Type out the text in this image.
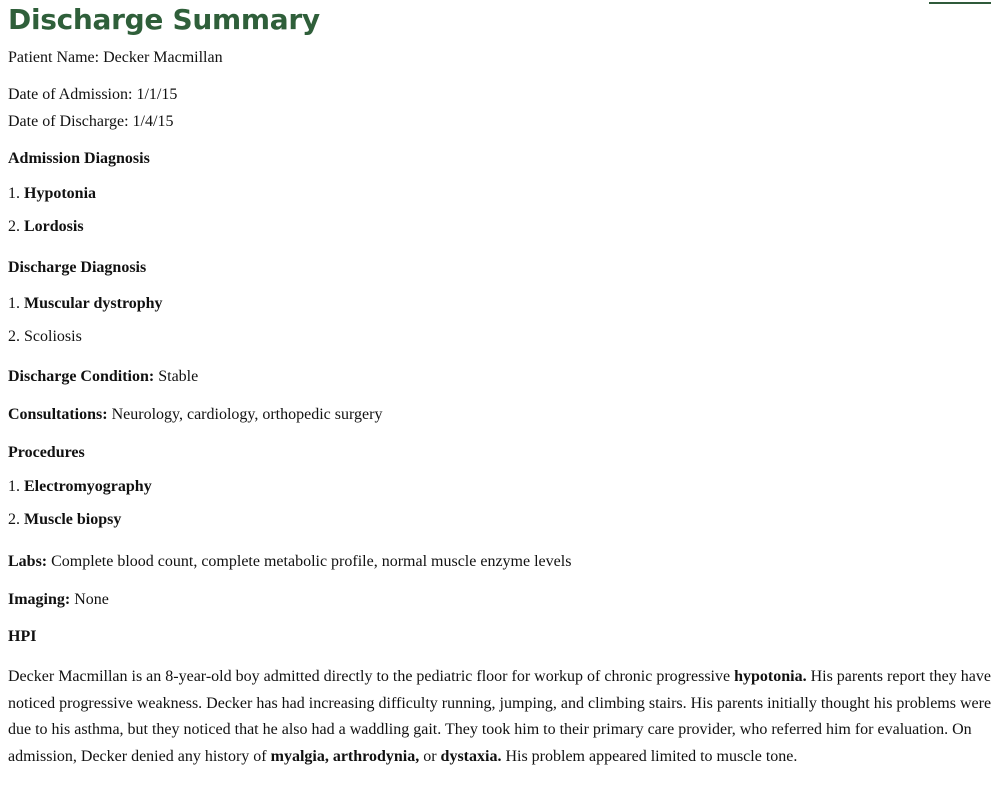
Discharge Summary

Patient Name: Decker Macmillan

Date of Admission: 1/1/15

Date of Discharge: 1/4/15

Admission Diagnosis

1. Hypotonia

2. Lordosis

Discharge Diagnosis

1. Muscular dystrophy

2. Scoliosis

Discharge Condition: Stable

Consultations: Neurology, cardiology, orthopedic surgery

Procedures

1. Electromyography

2. Muscle biopsy

Labs: Complete blood count, complete metabolic profile, normal muscle enzyme levels

Imaging: None

HPI

Decker Macmillan is an 8-year-old boy admitted directly to the pediatric floor for workup of chronic progressive hypotonia. His parents report they have noticed progressive weakness. Decker has had increasing difficulty running, jumping, and climbing stairs. His parents initially thought his problems were due to his asthma, but they noticed that he also had a waddling gait. They took him to their primary care provider, who referred him for evaluation. On admission, Decker denied any history of myalgia, arthrodynia, or dystaxia. His problem appeared limited to muscle tone.
